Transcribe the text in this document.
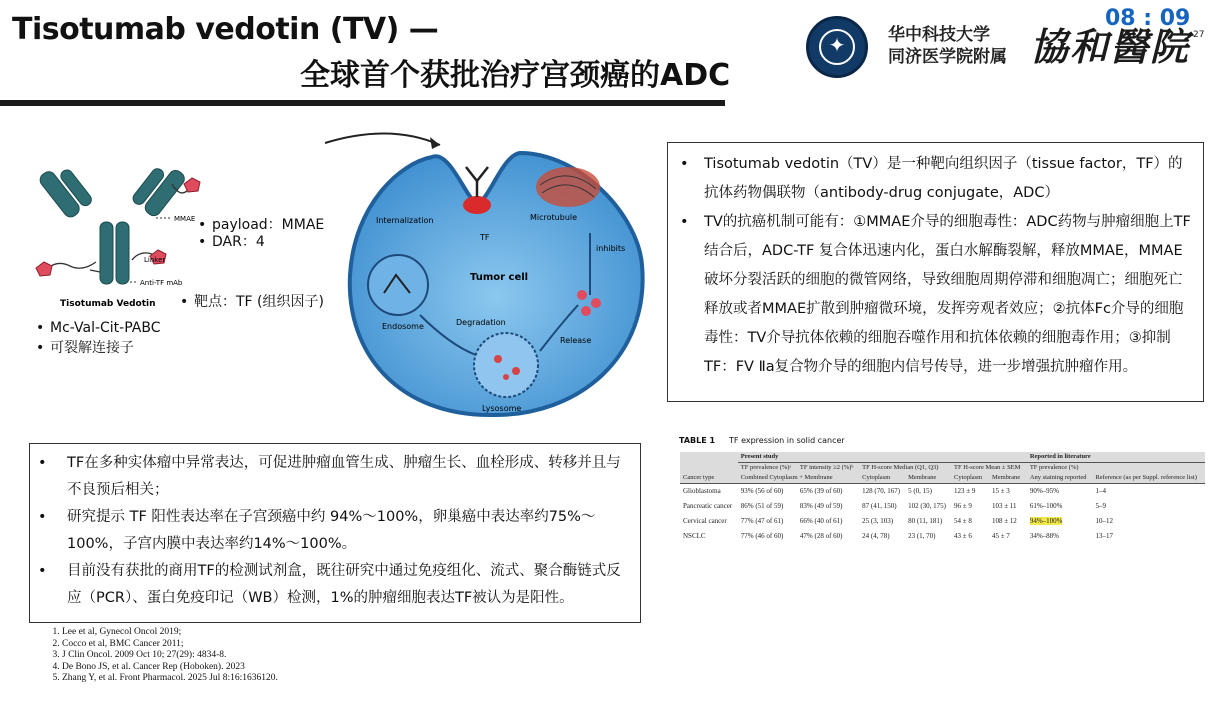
Tisotumab vedotin (TV) —
全球首个获批治疗宫颈癌的ADC
✦	华中科技大学
同济医学院附属 協和醫院
08 : 09
27
MMAE
Linker
Anti-TF mAb
Tisotumab Vedotin
• payload：MMAE
• DAR：4
• 靶点：TF (组织因子)
• Mc-Val-Cit-PABC
• 可裂解连接子
TF
Internalization	Microtubule
inhibits
Tumor cell
Endosome	Degradation
Lysosome
Release
• Tisotumab vedotin（TV）是一种靶向组织因子（tissue factor，TF）的抗体药物偶联物（antibody-drug conjugate，ADC）
• TV的抗癌机制可能有：①MMAE介导的细胞毒性：ADC药物与肿瘤细胞上TF 结合后，ADC-TF 复合体迅速内化，蛋白水解酶裂解，释放MMAE，MMAE破坏分裂活跃的细胞的微管网络，导致细胞周期停滞和细胞凋亡；细胞死亡释放或者MMAE扩散到肿瘤微环境，发挥旁观者效应；②抗体Fc介导的细胞毒性：TV介导抗体依赖的细胞吞噬作用和抗体依赖的细胞毒作用；③抑制TF：FV Ⅱa复合物介导的细胞内信号传导，进一步增强抗肿瘤作用。
• TF在多种实体瘤中异常表达，可促进肿瘤血管生成、肿瘤生长、血栓形成、转移并且与不良预后相关；
• 研究提示 TF 阳性表达率在子宫颈癌中约 94%～100%，卵巢癌中表达率约75%～100%，子宫内膜中表达率约14%～100%。
• 目前没有获批的商用TF的检测试剂盒，既往研究中通过免疫组化、流式、聚合酶链式反应（PCR）、蛋白免疫印记（WB）检测，1%的肿瘤细胞表达TF被认为是阳性。
1. Lee et al, Gynecol Oncol 2019;
2. Cocco et al, BMC Cancer 2011;
3. J Clin Oncol. 2009 Oct 10; 27(29): 4834-8.
4. De Bono JS, et al. Cancer Rep (Hoboken). 2023
5. Zhang Y, et al. Front Pharmacol. 2025 Jul 8:16:1636120.
TABLE 1 TF expression in solid cancer
	Present study						Reported in literature	
	TF prevalence (%)ᵃ	TF intensity ≥2 (%)ᵇ	TF H-score Median (Q1, Q3)		TF H-score Mean ± SEM		TF prevalence (%)	
Cancer type	Combined Cytoplasm + Membrane		Cytoplasm	Membrane	Cytoplasm	Membrane	Any staining reported	Reference (as per Suppl. reference list)
Glioblastoma	93% (56 of 60)	65% (39 of 60)	128 (70, 167)	5 (0, 15)	123 ± 9	15 ± 3	90%–95%	1–4
Pancreatic cancer	86% (51 of 59)	83% (49 of 59)	87 (41, 150)	102 (30, 175)	96 ± 9	103 ± 11	61%–100%	5–9
Cervical cancer	77% (47 of 61)	66% (40 of 61)	25 (3, 103)	80 (11, 181)	54 ± 8	108 ± 12	94%–100%	10–12
NSCLC	77% (46 of 60)	47% (28 of 60)	24 (4, 78)	23 (1, 70)	43 ± 6	45 ± 7	34%–88%	13–17
